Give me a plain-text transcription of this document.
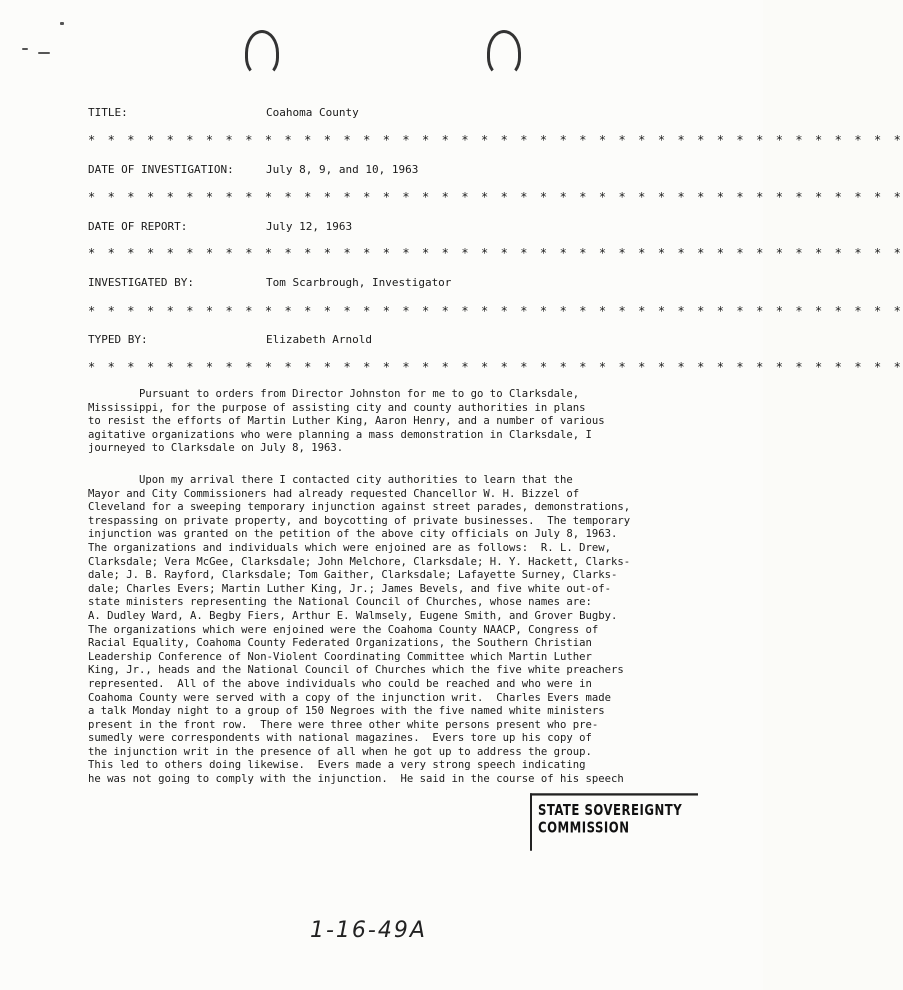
TITLE:	Coahoma County
* * * * * * * * * * * * * * * * * * * * * * * * * * * * * * * * * * * * * * * * * *
DATE OF INVESTIGATION:	July 8, 9, and 10, 1963
* * * * * * * * * * * * * * * * * * * * * * * * * * * * * * * * * * * * * * * * * *
DATE OF REPORT:	July 12, 1963
* * * * * * * * * * * * * * * * * * * * * * * * * * * * * * * * * * * * * * * * * *
INVESTIGATED BY:	Tom Scarbrough, Investigator
* * * * * * * * * * * * * * * * * * * * * * * * * * * * * * * * * * * * * * * * * *
TYPED BY:	Elizabeth Arnold
* * * * * * * * * * * * * * * * * * * * * * * * * * * * * * * * * * * * * * * * * *
Pursuant to orders from Director Johnston for me to go to Clarksdale,
Mississippi, for the purpose of assisting city and county authorities in plans
to resist the efforts of Martin Luther King, Aaron Henry, and a number of various
agitative organizations who were planning a mass demonstration in Clarksdale, I
journeyed to Clarksdale on July 8, 1963.
Upon my arrival there I contacted city authorities to learn that the
Mayor and City Commissioners had already requested Chancellor W. H. Bizzel of
Cleveland for a sweeping temporary injunction against street parades, demonstrations,
trespassing on private property, and boycotting of private businesses.  The temporary
injunction was granted on the petition of the above city officials on July 8, 1963.
The organizations and individuals which were enjoined are as follows:  R. L. Drew,
Clarksdale; Vera McGee, Clarksdale; John Melchore, Clarksdale; H. Y. Hackett, Clarks-
dale; J. B. Rayford, Clarksdale; Tom Gaither, Clarksdale; Lafayette Surney, Clarks-
dale; Charles Evers; Martin Luther King, Jr.; James Bevels, and five white out-of-
state ministers representing the National Council of Churches, whose names are:
A. Dudley Ward, A. Begby Fiers, Arthur E. Walmsely, Eugene Smith, and Grover Bugby.
The organizations which were enjoined were the Coahoma County NAACP, Congress of
Racial Equality, Coahoma County Federated Organizations, the Southern Christian
Leadership Conference of Non-Violent Coordinating Committee which Martin Luther
King, Jr., heads and the National Council of Churches which the five white preachers
represented.  All of the above individuals who could be reached and who were in
Coahoma County were served with a copy of the injunction writ.  Charles Evers made
a talk Monday night to a group of 150 Negroes with the five named white ministers
present in the front row.  There were three other white persons present who pre-
sumedly were correspondents with national magazines.  Evers tore up his copy of
the injunction writ in the presence of all when he got up to address the group.
This led to others doing likewise.  Evers made a very strong speech indicating
he was not going to comply with the injunction.  He said in the course of his speech
STATE SOVEREIGNTY COMMISSION
1-16-49A
